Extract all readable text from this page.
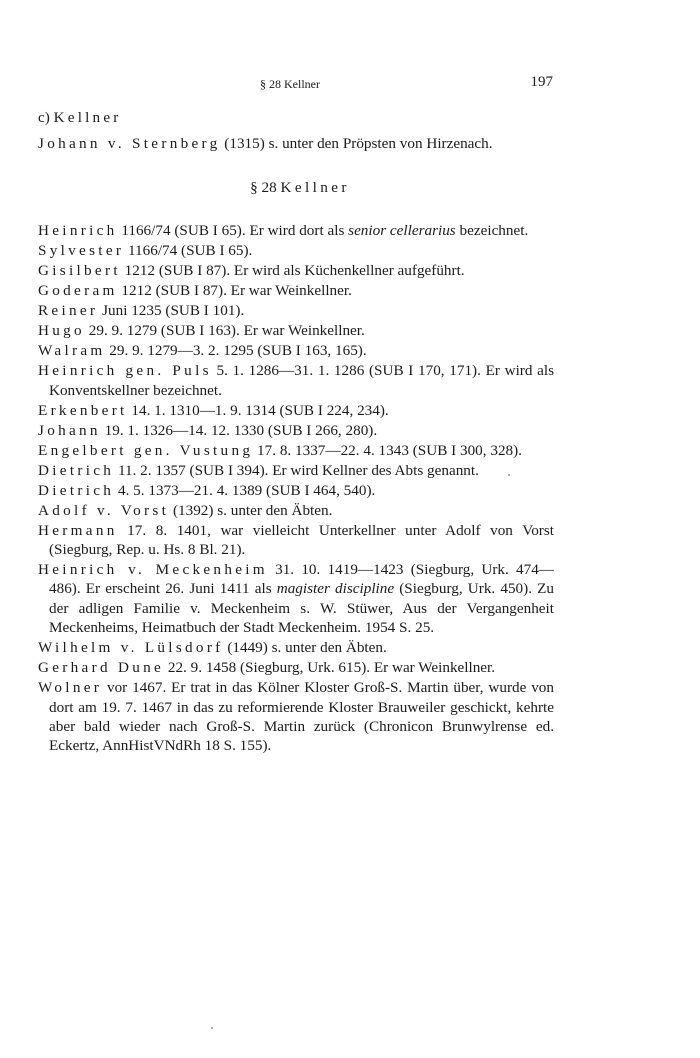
§ 28 Kellner	197

c) Kellner

Johann v. Sternberg (1315) s. unter den Pröpsten von Hirzenach.

§ 28 Kellner

Heinrich 1166/74 (SUB I 65). Er wird dort als senior cellerarius bezeichnet.

Sylvester 1166/74 (SUB I 65).

Gisilbert 1212 (SUB I 87). Er wird als Küchenkellner aufgeführt.

Goderam 1212 (SUB I 87). Er war Weinkellner.

Reiner Juni 1235 (SUB I 101).

Hugo 29. 9. 1279 (SUB I 163). Er war Weinkellner.

Walram 29. 9. 1279—3. 2. 1295 (SUB I 163, 165).

Heinrich gen. Puls 5. 1. 1286—31. 1. 1286 (SUB I 170, 171). Er wird als Konventskellner bezeichnet.

Erkenbert 14. 1. 1310—1. 9. 1314 (SUB I 224, 234).

Johann 19. 1. 1326—14. 12. 1330 (SUB I 266, 280).

Engelbert gen. Vustung 17. 8. 1337—22. 4. 1343 (SUB I 300, 328).

Dietrich 11. 2. 1357 (SUB I 394). Er wird Kellner des Abts genannt.

Dietrich 4. 5. 1373—21. 4. 1389 (SUB I 464, 540).

Adolf v. Vorst (1392) s. unter den Äbten.

Hermann 17. 8. 1401, war vielleicht Unterkellner unter Adolf von Vorst (Siegburg, Rep. u. Hs. 8 Bl. 21).

Heinrich v. Meckenheim 31. 10. 1419—1423 (Siegburg, Urk. 474—486). Er erscheint 26. Juni 1411 als magister discipline (Siegburg, Urk. 450). Zu der adligen Familie v. Meckenheim s. W. Stüwer, Aus der Vergangenheit Meckenheims, Heimatbuch der Stadt Meckenheim. 1954 S. 25.

Wilhelm v. Lülsdorf (1449) s. unter den Äbten.

Gerhard Dune 22. 9. 1458 (Siegburg, Urk. 615). Er war Weinkellner.

Wolner vor 1467. Er trat in das Kölner Kloster Groß-S. Martin über, wurde von dort am 19. 7. 1467 in das zu reformierende Kloster Brauweiler geschickt, kehrte aber bald wieder nach Groß-S. Martin zurück (Chronicon Brunwylrense ed. Eckertz, AnnHistVNdRh 18 S. 155).
